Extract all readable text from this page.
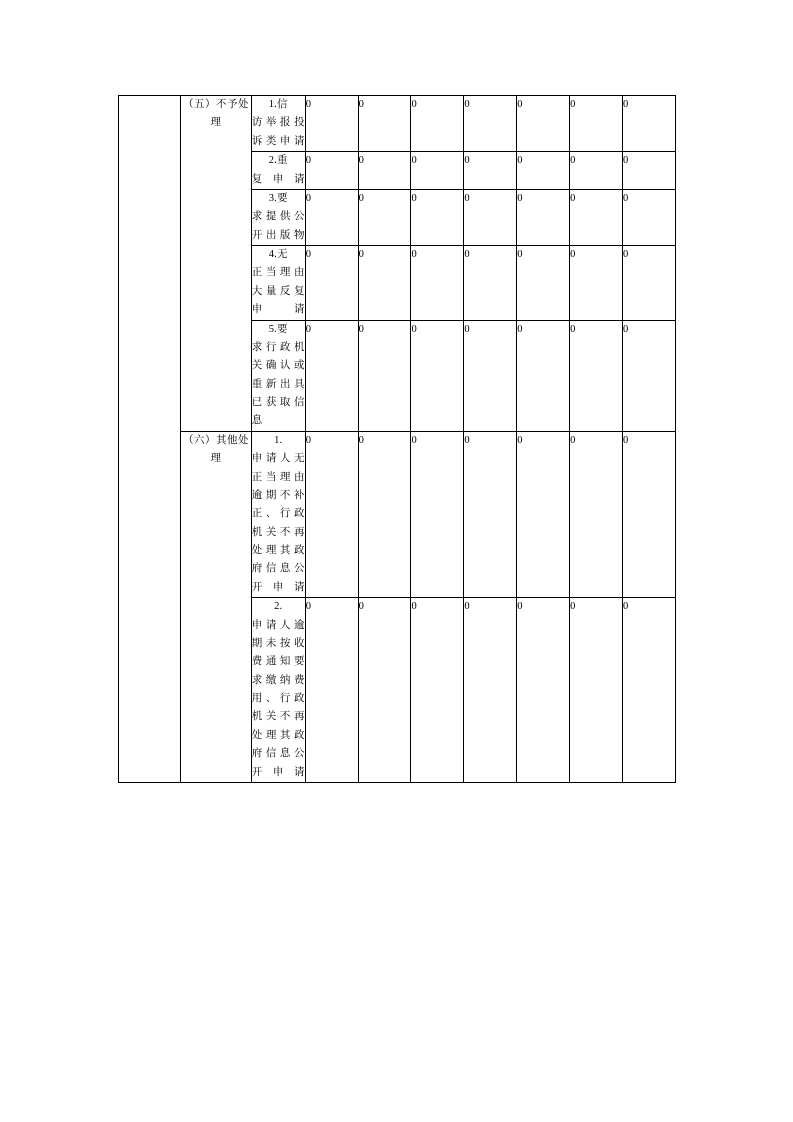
	（五）不予处理	1.信
访举报投诉类申请	0	0	0	0	0	0	0

		2.重
复申请	0	0	0	0	0	0	0

		3.要
求提供公开出版物	0	0	0	0	0	0	0

		4.无
正当理由大量反复申请	0	0	0	0	0	0	0

		5.要
求行政机关确认或重新出具已获取信息	0	0	0	0	0	0	0
	（六）其他处理	1.
申请人无正当理由逾期不补正、行政机关不再处理其政府信息公开申请	0	0	0	0	0	0	0

		2.
申请人逾期未按收费通知要求缴纳费用、行政机关不再处理其政府信息公开申请	0	0	0	0	0	0	0
